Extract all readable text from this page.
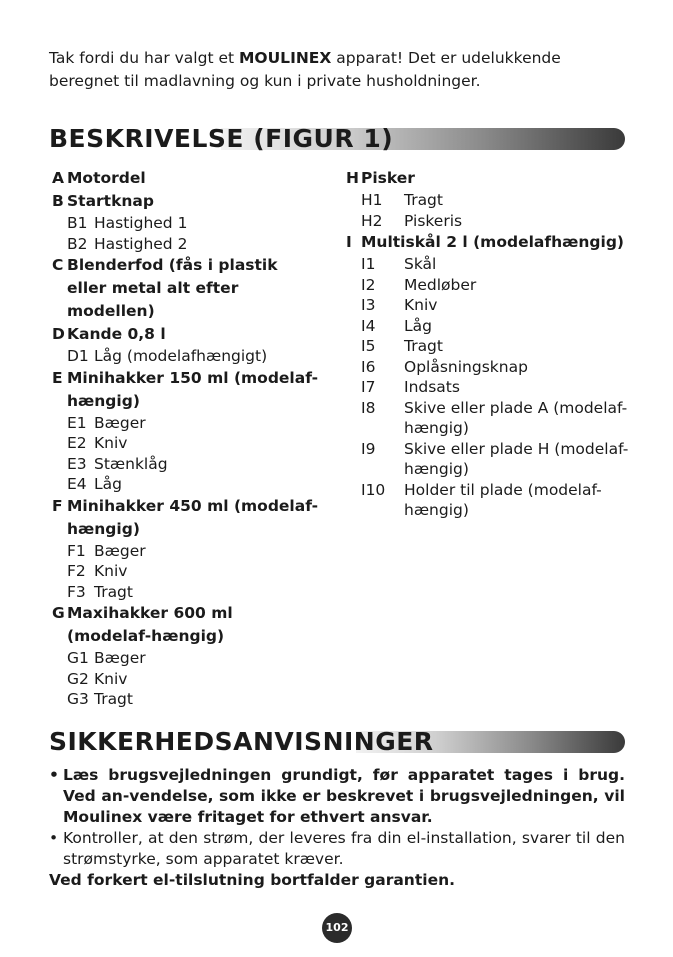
Tak fordi du har valgt et MOULINEX apparat! Det er udelukkende beregnet til madlavning og kun i private husholdninger.
BESKRIVELSE (FIGUR 1)
A Motordel
B Startknap
B1 Hastighed 1
B2 Hastighed 2
C Blenderfod (fås i plastik eller metal alt efter modellen)
D Kande 0,8 l
D1 Låg (modelafhængigt)
E Minihakker 150 ml (modelaf-hængig)
E1 Bæger
E2 Kniv
E3 Stænklåg
E4 Låg
F Minihakker 450 ml (modelaf-hængig)
F1 Bæger
F2 Kniv
F3 Tragt
G Maxihakker 600 ml (modelaf-hængig)
G1 Bæger
G2 Kniv
G3 Tragt
H Pisker
H1 Tragt
H2 Piskeris
I Multiskål 2 l (modelafhængig)
I1 Skål
I2 Medløber
I3 Kniv
I4 Låg
I5 Tragt
I6 Oplåsningsknap
I7 Indsats
I8 Skive eller plade A (modelaf-hængig)
I9 Skive eller plade H (modelaf-hængig)
I10 Holder til plade (modelaf-hængig)
SIKKERHEDSANVISNINGER
• Læs brugsvejledningen grundigt, før apparatet tages i brug. Ved an-vendelse, som ikke er beskrevet i brugsvejledningen, vil Moulinex være fritaget for ethvert ansvar.
• Kontroller, at den strøm, der leveres fra din el-installation, svarer til den strømstyrke, som apparatet kræver.
Ved forkert el-tilslutning bortfalder garantien.
102
